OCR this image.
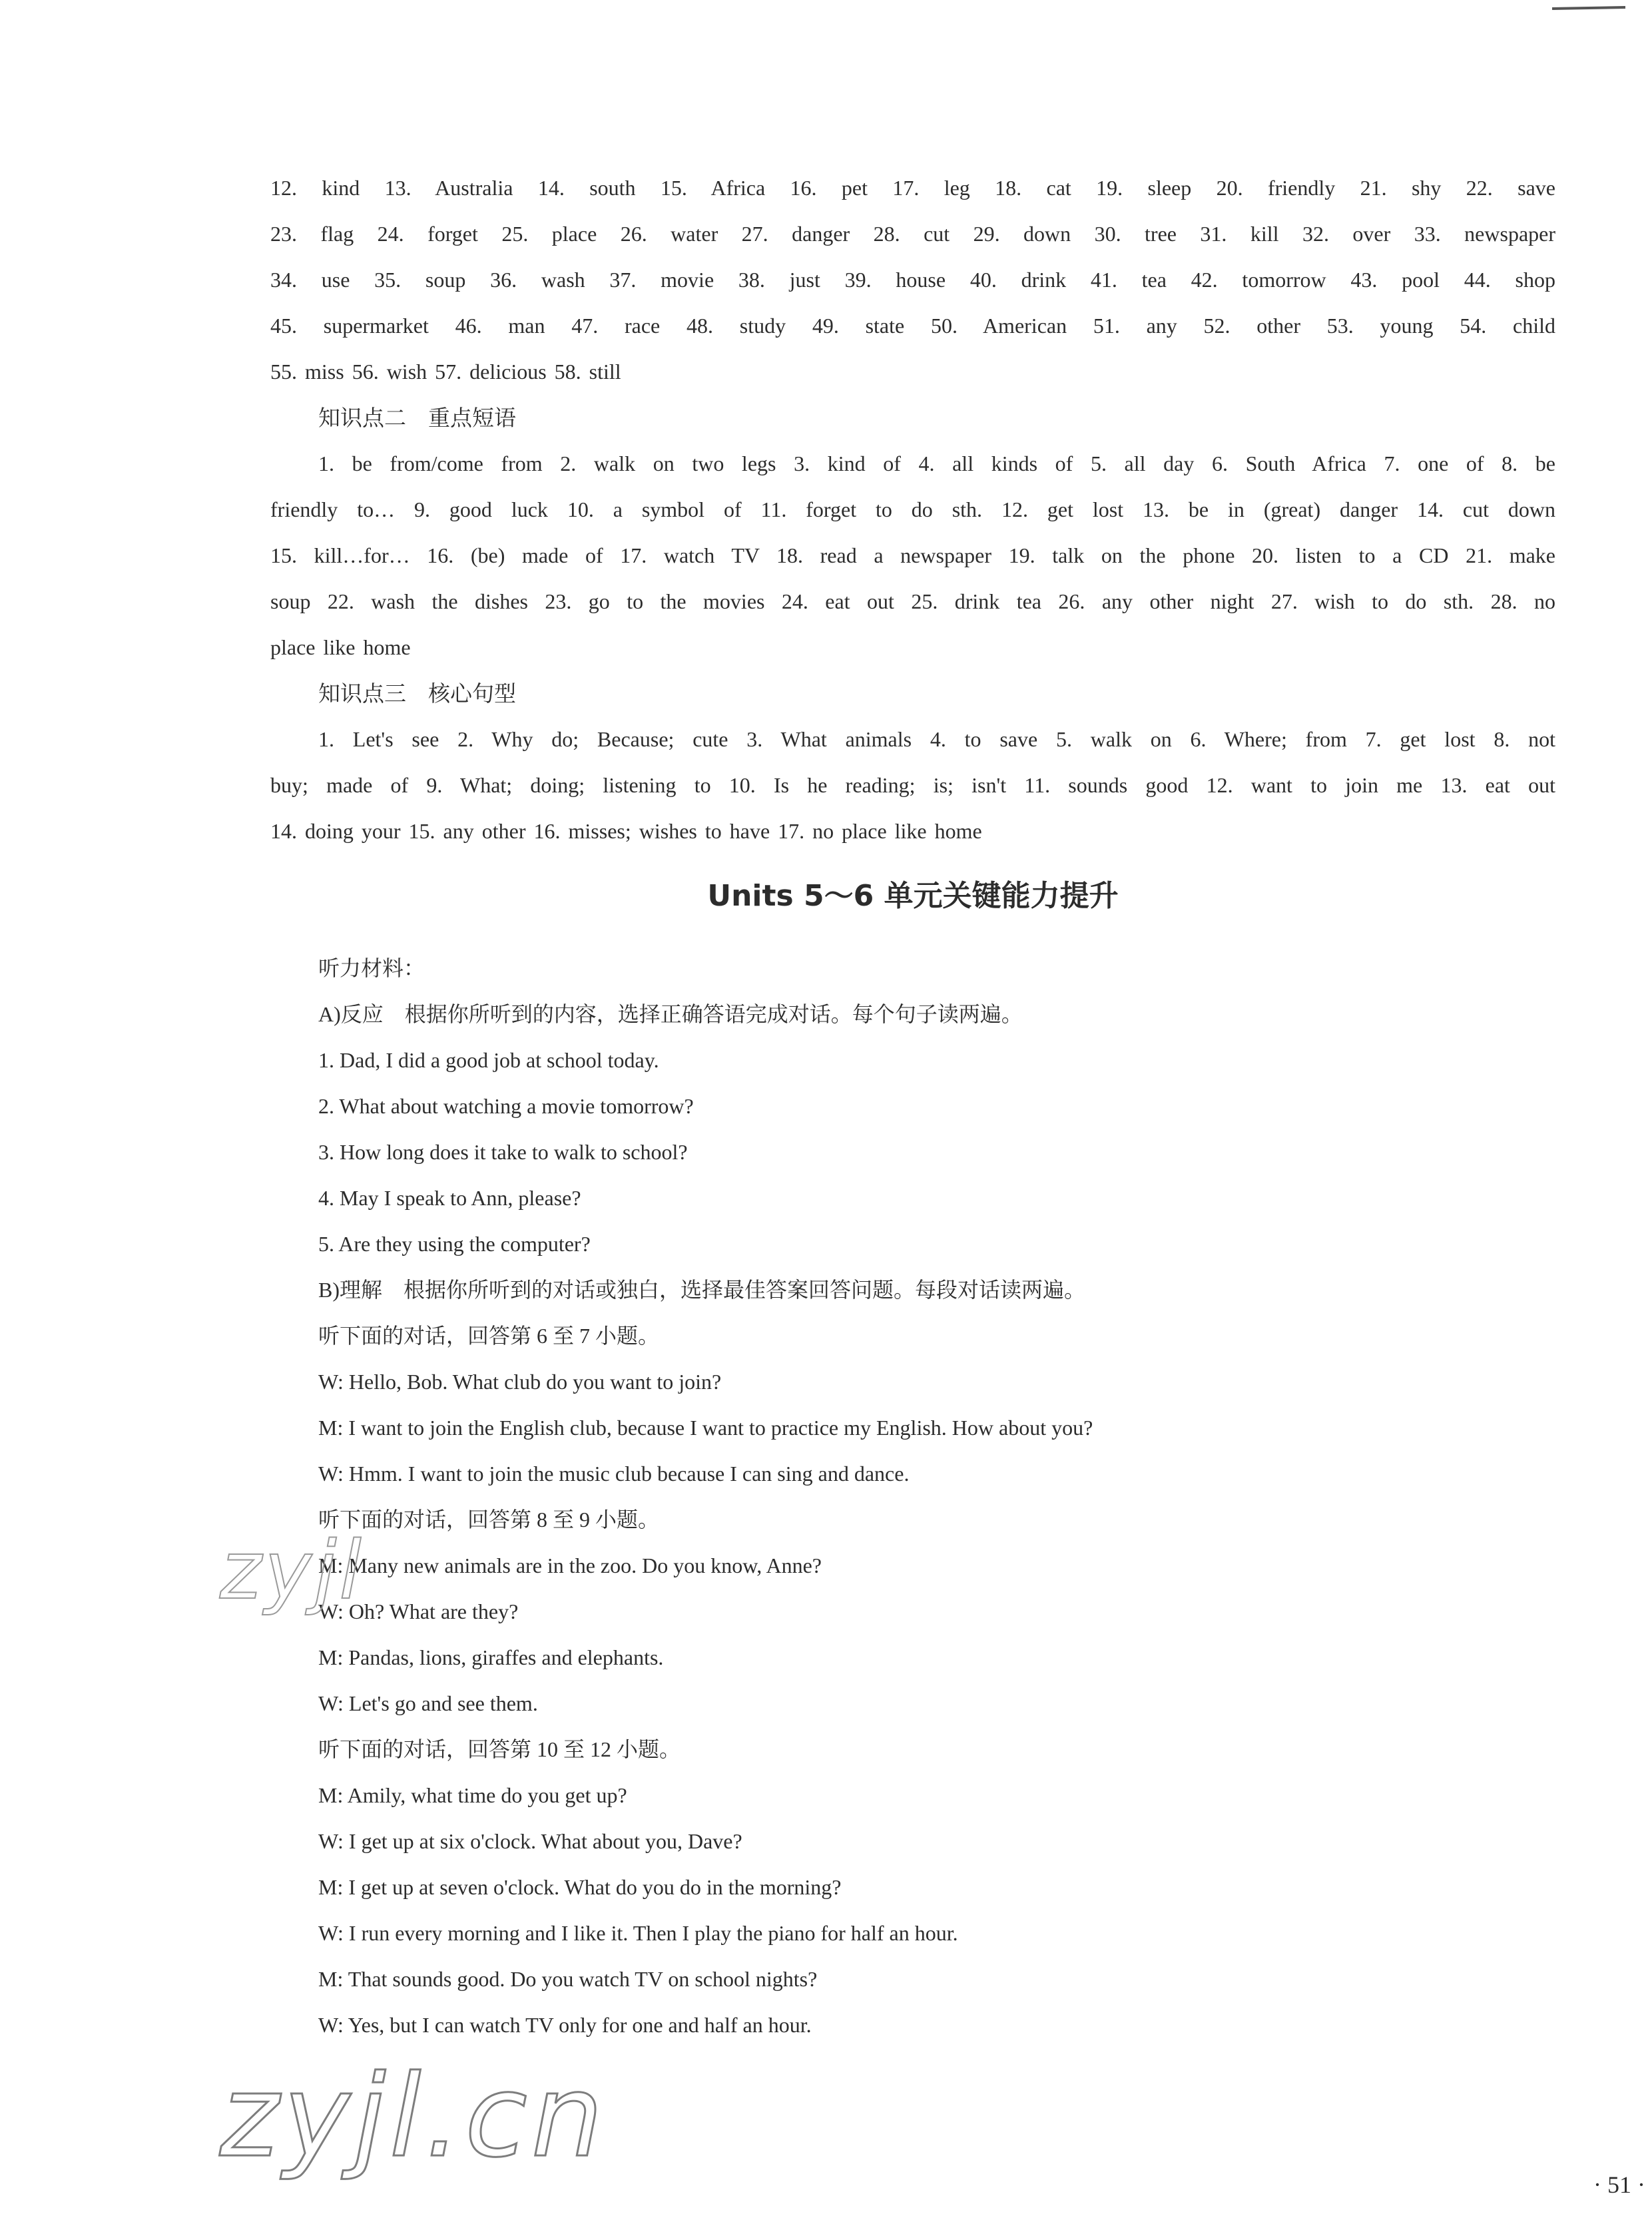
12. kind 13. Australia 14. south 15. Africa 16. pet 17. leg 18. cat 19. sleep 20. friendly 21. shy 22. save
23. flag 24. forget 25. place 26. water 27. danger 28. cut 29. down 30. tree 31. kill 32. over 33. newspaper
34. use 35. soup 36. wash 37. movie 38. just 39. house 40. drink 41. tea 42. tomorrow 43. pool 44. shop
45. supermarket 46. man 47. race 48. study 49. state 50. American 51. any 52. other 53. young 54. child
55. miss 56. wish 57. delicious 58. still
知识点二　重点短语
1. be from/come from 2. walk on two legs 3. kind of 4. all kinds of 5. all day 6. South Africa 7. one of 8. be
friendly to… 9. good luck 10. a symbol of 11. forget to do sth. 12. get lost 13. be in (great) danger 14. cut down
15. kill…for… 16. (be) made of 17. watch TV 18. read a newspaper 19. talk on the phone 20. listen to a CD 21. make
soup 22. wash the dishes 23. go to the movies 24. eat out 25. drink tea 26. any other night 27. wish to do sth. 28. no
place like home
知识点三　核心句型
1. Let's see 2. Why do; Because; cute 3. What animals 4. to save 5. walk on 6. Where; from 7. get lost 8. not
buy; made of 9. What; doing; listening to 10. Is he reading; is; isn't 11. sounds good 12. want to join me 13. eat out
14. doing your 15. any other 16. misses; wishes to have 17. no place like home
Units 5～6 单元关键能力提升
听力材料：
A)反应　根据你所听到的内容，选择正确答语完成对话。每个句子读两遍。
1. Dad, I did a good job at school today.
2. What about watching a movie tomorrow?
3. How long does it take to walk to school?
4. May I speak to Ann, please?
5. Are they using the computer?
B)理解　根据你所听到的对话或独白，选择最佳答案回答问题。每段对话读两遍。
听下面的对话，回答第 6 至 7 小题。
W: Hello, Bob. What club do you want to join?
M: I want to join the English club, because I want to practice my English. How about you?
W: Hmm. I want to join the music club because I can sing and dance.
听下面的对话，回答第 8 至 9 小题。
M: Many new animals are in the zoo. Do you know, Anne?
W: Oh? What are they?
M: Pandas, lions, giraffes and elephants.
W: Let's go and see them.
听下面的对话，回答第 10 至 12 小题。
M: Amily, what time do you get up?
W: I get up at six o'clock. What about you, Dave?
M: I get up at seven o'clock. What do you do in the morning?
W: I run every morning and I like it. Then I play the piano for half an hour.
M: That sounds good. Do you watch TV on school nights?
W: Yes, but I can watch TV only for one and half an hour.
zyjl
zyjl.cn
· 51 ·
